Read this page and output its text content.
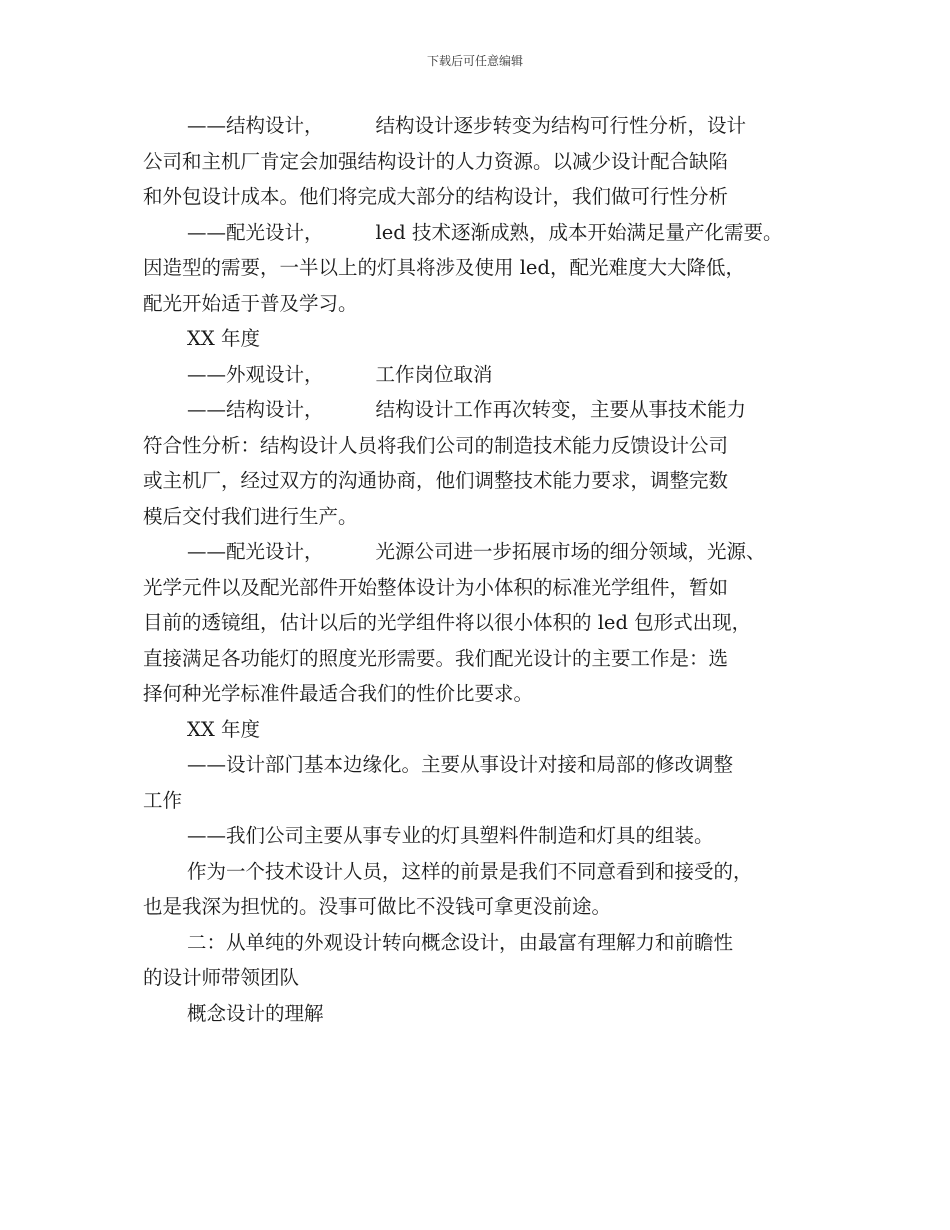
下载后可任意编辑
——结构设计，	结构设计逐步转变为结构可行性分析，设计
公司和主机厂肯定会加强结构设计的人力资源。以减少设计配合缺陷
和外包设计成本。他们将完成大部分的结构设计，我们做可行性分析
——配光设计，	led 技术逐渐成熟，成本开始满足量产化需要。
因造型的需要，一半以上的灯具将涉及使用 led，配光难度大大降低，
配光开始适于普及学习。
XX 年度
——外观设计，	工作岗位取消
——结构设计，	结构设计工作再次转变，主要从事技术能力
符合性分析：结构设计人员将我们公司的制造技术能力反馈设计公司
或主机厂，经过双方的沟通协商，他们调整技术能力要求，调整完数
模后交付我们进行生产。
——配光设计，	光源公司进一步拓展市场的细分领域，光源、
光学元件以及配光部件开始整体设计为小体积的标准光学组件，暂如
目前的透镜组，估计以后的光学组件将以很小体积的 led 包形式出现，
直接满足各功能灯的照度光形需要。我们配光设计的主要工作是：选
择何种光学标准件最适合我们的性价比要求。
XX 年度
——设计部门基本边缘化。主要从事设计对接和局部的修改调整
工作
——我们公司主要从事专业的灯具塑料件制造和灯具的组装。
作为一个技术设计人员，这样的前景是我们不同意看到和接受的，
也是我深为担忧的。没事可做比不没钱可拿更没前途。
二：从单纯的外观设计转向概念设计，由最富有理解力和前瞻性
的设计师带领团队
概念设计的理解
